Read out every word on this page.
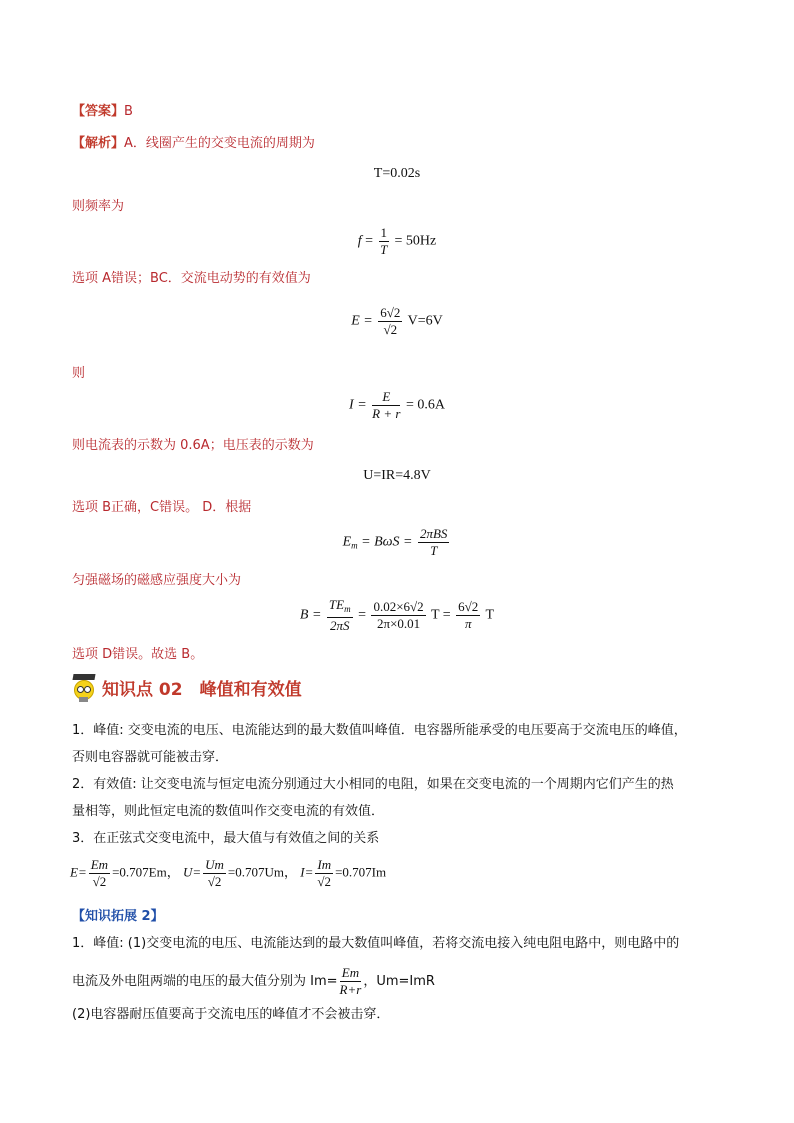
【答案】B
【解析】A．线圈产生的交变电流的周期为
T=0.02s
则频率为
$f = \frac{1}{T} = 50Hz$
选项 A错误；BC．交流电动势的有效值为
$E = \frac{6√2}{√2} V=6V$
则
$I = \frac{E}{R + r} = 0.6A$
则电流表的示数为 0.6A；电压表的示数为
U=IR=4.8V
选项 B正确，C错误。 D．根据
$E_m = B\omega S = \frac{\text{2πBS}}{T}$
匀强磁场的磁感应强度大小为
$B = \frac{TE_m}{2\pi S} = \frac{0.02\times 6√2}{2\pi\times 0.01}$ $T = \frac{6√2}{\pi}$ T
选项 D错误。故选 B。
知识点 02　峰值和有效值
1．峰值: 交变电流的电压、电流能达到的最大数值叫峰值．电容器所能承受的电压要高于交流电压的峰值，
否则电容器就可能被击穿．
2．有效值: 让交变电流与恒定电流分别通过大小相同的电阻，如果在交变电流的一个周期内它们产生的热
量相等，则此恒定电流的数值叫作交变电流的有效值．
3．在正弦式交变电流中，最大值与有效值之间的关系
$E= \frac{Em}{√2} =0.707Em$， $U= \frac{Um}{√2} =0.707Um$， $I= \frac{Im}{√2} =0.707Im$
【知识拓展 2】
1．峰值: (1)交变电流的电压、电流能达到的最大数值叫峰值，若将交流电接入纯电阻电路中，则电路中的
电流及外电阻两端的电压的最大值分别为 $Im= \frac{Em}{R+r}$ ，Um=ImR
(2)电容器耐压值要高于交流电压的峰值才不会被击穿．
